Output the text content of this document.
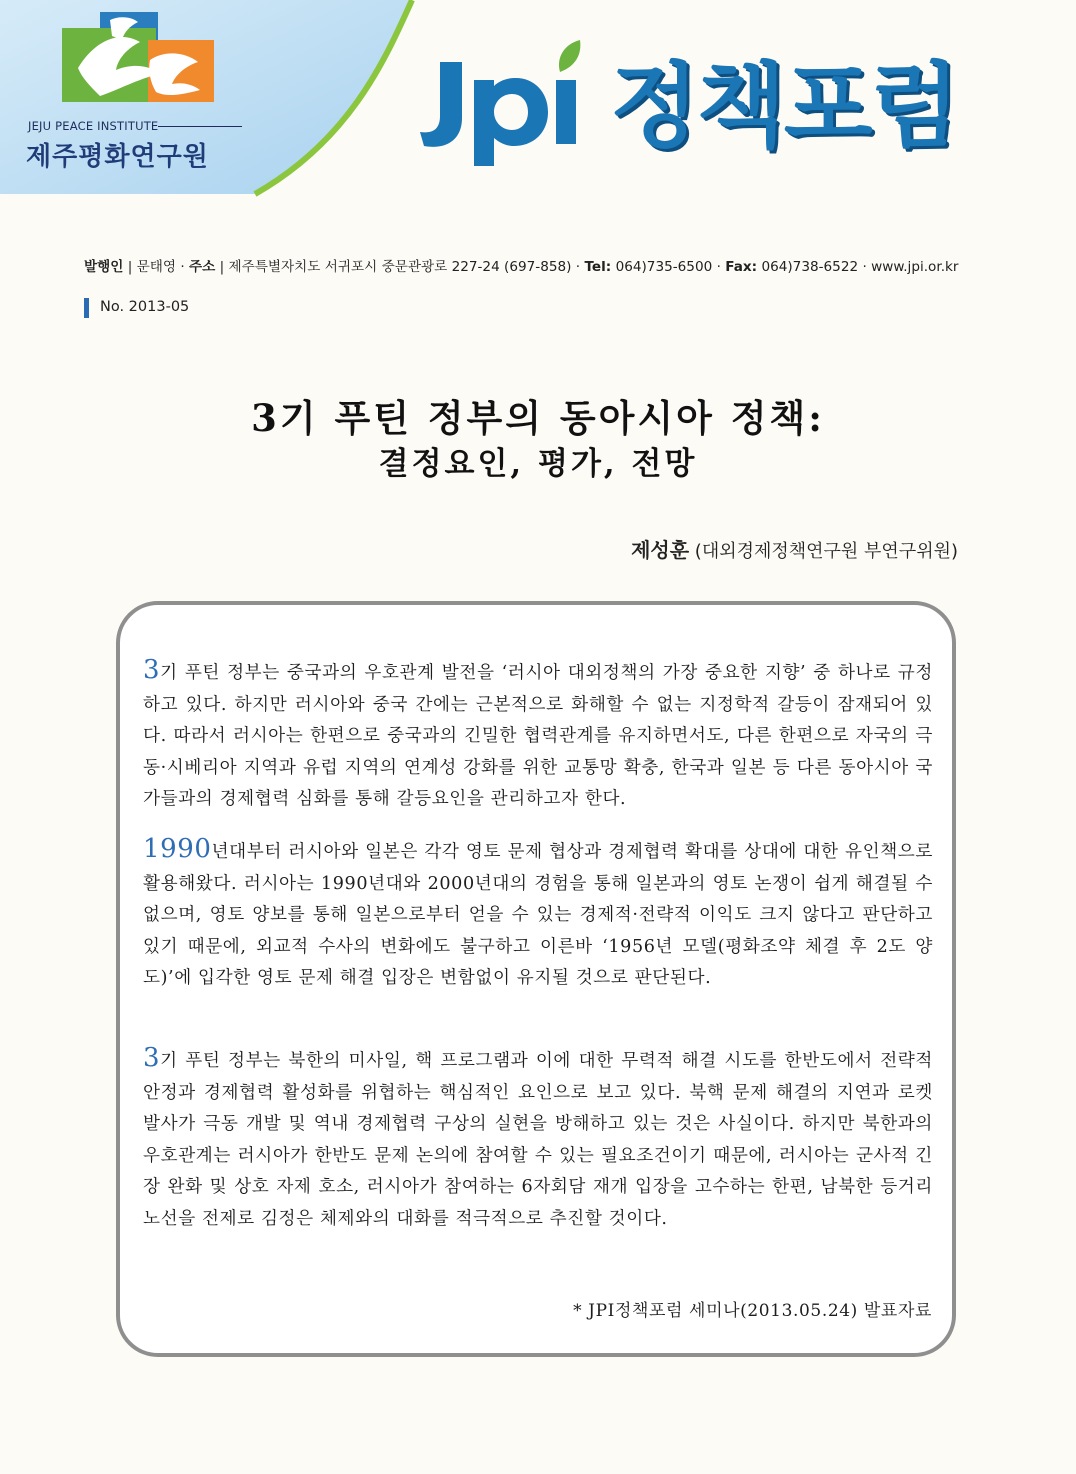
JEJU PEACE INSTITUTE
제주평화연구원	정책포럼
발행인 | 문태영 · 주소 | 제주특별자치도 서귀포시 중문관광로 227-24 (697-858) · Tel: 064)735-6500 · Fax: 064)738-6522 · www.jpi.or.kr
No. 2013-05
3기 푸틴 정부의 동아시아 정책:
결정요인, 평가, 전망
제성훈 (대외경제정책연구원 부연구위원)

3기 푸틴 정부는 중국과의 우호관계 발전을 ‘러시아 대외정책의 가장 중요한 지향’ 중 하나로 규정하고 있다. 하지만 러시아와 중국 간에는 근본적으로 화해할 수 없는 지정학적 갈등이 잠재되어 있다. 따라서 러시아는 한편으로 중국과의 긴밀한 협력관계를 유지하면서도, 다른 한편으로 자국의 극동·시베리아 지역과 유럽 지역의 연계성 강화를 위한 교통망 확충, 한국과 일본 등 다른 동아시아 국가들과의 경제협력 심화를 통해 갈등요인을 관리하고자 한다.

1990년대부터 러시아와 일본은 각각 영토 문제 협상과 경제협력 확대를 상대에 대한 유인책으로 활용해왔다. 러시아는 1990년대와 2000년대의 경험을 통해 일본과의 영토 논쟁이 쉽게 해결될 수 없으며, 영토 양보를 통해 일본으로부터 얻을 수 있는 경제적·전략적 이익도 크지 않다고 판단하고 있기 때문에, 외교적 수사의 변화에도 불구하고 이른바 ‘1956년 모델(평화조약 체결 후 2도 양도)’에 입각한 영토 문제 해결 입장은 변함없이 유지될 것으로 판단된다.

3기 푸틴 정부는 북한의 미사일, 핵 프로그램과 이에 대한 무력적 해결 시도를 한반도에서 전략적 안정과 경제협력 활성화를 위협하는 핵심적인 요인으로 보고 있다. 북핵 문제 해결의 지연과 로켓 발사가 극동 개발 및 역내 경제협력 구상의 실현을 방해하고 있는 것은 사실이다. 하지만 북한과의 우호관계는 러시아가 한반도 문제 논의에 참여할 수 있는 필요조건이기 때문에, 러시아는 군사적 긴장 완화 및 상호 자제 호소, 러시아가 참여하는 6자회담 재개 입장을 고수하는 한편, 남북한 등거리 노선을 전제로 김정은 체제와의 대화를 적극적으로 추진할 것이다.

* JPI정책포럼 세미나(2013.05.24) 발표자료
